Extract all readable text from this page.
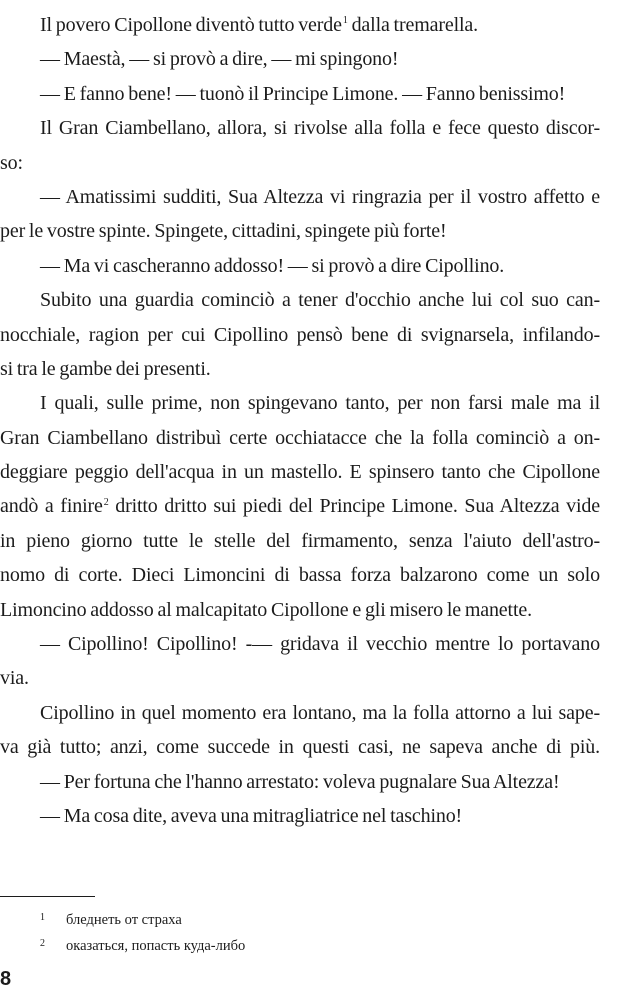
Il povero Cipollone diventò tutto verde$^1$ dalla tremarella.
— Maestà, — si provò a dire, — mi spingono!
— E fanno bene! — tuonò il Principe Limone. — Fanno benissimo!
Il Gran Ciambellano, allora, si rivolse alla folla e fece questo discor-
so:
— Amatissimi sudditi, Sua Altezza vi ringrazia per il vostro affetto e
per le vostre spinte. Spingete, cittadini, spingete più forte!
— Ma vi cascheranno addosso! — si provò a dire Cipollino.
Subito una guardia cominciò a tener d'occhio anche lui col suo can-
nocchiale, ragion per cui Cipollino pensò bene di svignarsela, infilando-
si tra le gambe dei presenti.
I quali, sulle prime, non spingevano tanto, per non farsi male ma il
Gran Ciambellano distribuì certe occhiatacce che la folla cominciò a on-
deggiare peggio dell'acqua in un mastello. E spinsero tanto che Cipollone
andò a finire$^2$ dritto dritto sui piedi del Principe Limone. Sua Altezza vide
in pieno giorno tutte le stelle del firmamento, senza l'aiuto dell'astro-
nomo di corte. Dieci Limoncini di bassa forza balzarono come un solo
Limoncino addosso al malcapitato Cipollone e gli misero le manette.
— Cipollino! Cipollino! -— gridava il vecchio mentre lo portavano
via.
Cipollino in quel momento era lontano, ma la folla attorno a lui sape-
va già tutto; anzi, come succede in questi casi, ne sapeva anche di più.
— Per fortuna che l'hanno arrestato: voleva pugnalare Sua Altezza!
— Ma cosa dite, aveva una mitragliatrice nel taschino!
1 бледнеть от страха
2 оказаться, попасть куда-либо
8
